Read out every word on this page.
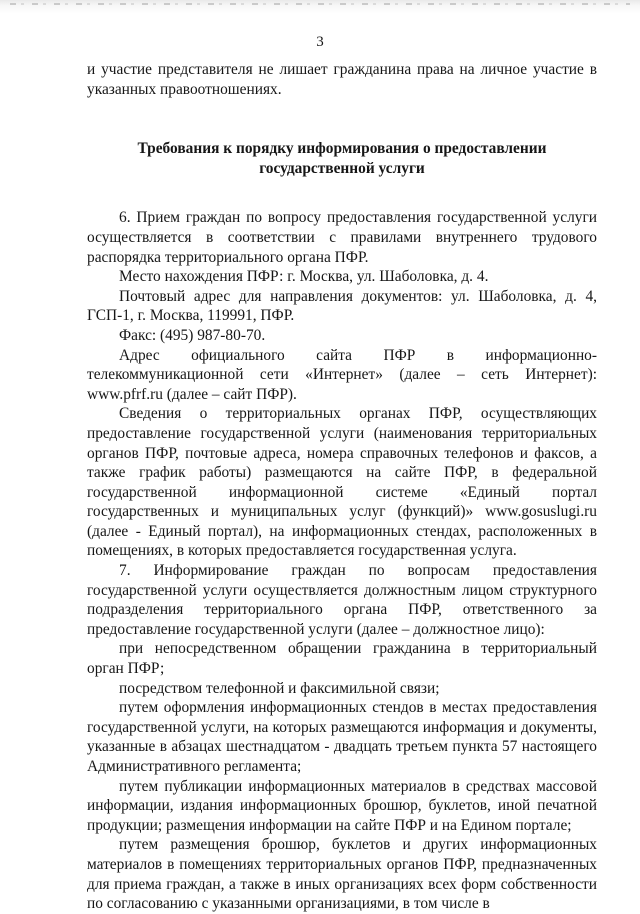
3

и участие представителя не лишает гражданина права на личное участие в указанных правоотношениях.

Требования к порядку информирования о предоставлении государственной услуги

6. Прием граждан по вопросу предоставления государственной услуги осуществляется в соответствии с правилами внутреннего трудового распорядка территориального органа ПФР.

Место нахождения ПФР: г. Москва, ул. Шаболовка, д. 4.

Почтовый адрес для направления документов: ул. Шаболовка, д. 4, ГСП-1, г. Москва, 119991, ПФР.

Факс: (495) 987-80-70.

Адрес официального сайта ПФР в информационно-телекоммуникационной сети «Интернет» (далее – сеть Интернет): www.pfrf.ru (далее – сайт ПФР).

Сведения о территориальных органах ПФР, осуществляющих предоставление государственной услуги (наименования территориальных органов ПФР, почтовые адреса, номера справочных телефонов и факсов, а также график работы) размещаются на сайте ПФР, в федеральной государственной информационной системе «Единый портал государственных и муниципальных услуг (функций)» www.gosuslugi.ru (далее - Единый портал), на информационных стендах, расположенных в помещениях, в которых предоставляется государственная услуга.

7. Информирование граждан по вопросам предоставления государственной услуги осуществляется должностным лицом структурного подразделения территориального органа ПФР, ответственного за предоставление государственной услуги (далее – должностное лицо):

при непосредственном обращении гражданина в территориальный орган ПФР;

посредством телефонной и факсимильной связи;

путем оформления информационных стендов в местах предоставления государственной услуги, на которых размещаются информация и документы, указанные в абзацах шестнадцатом - двадцать третьем пункта 57 настоящего Административного регламента;

путем публикации информационных материалов в средствах массовой информации, издания информационных брошюр, буклетов, иной печатной продукции; размещения информации на сайте ПФР и на Едином портале;

путем размещения брошюр, буклетов и других информационных материалов в помещениях территориальных органов ПФР, предназначенных для приема граждан, а также в иных организациях всех форм собственности по согласованию с указанными организациями, в том числе в
